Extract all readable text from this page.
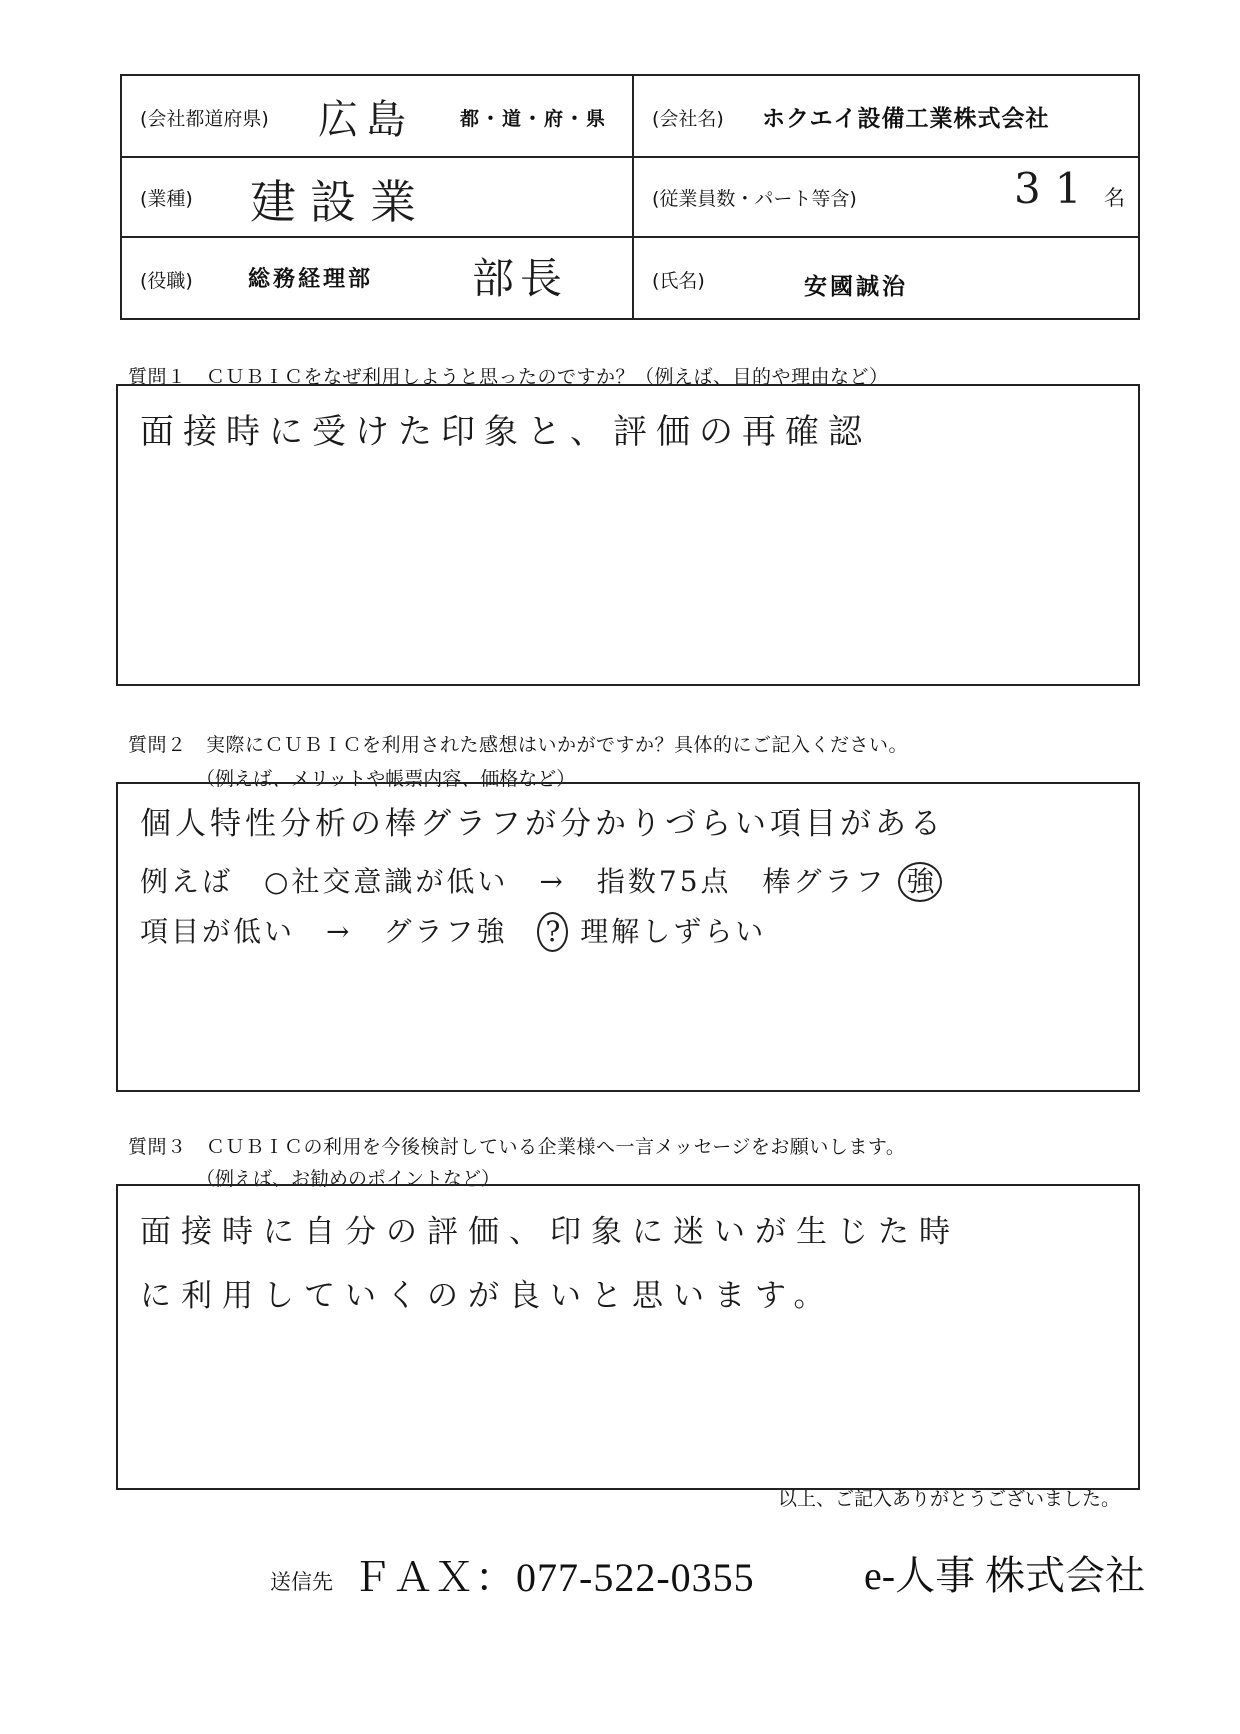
(会社都道府県) 広島 都・道・府・県 (会社名) ホクエイ設備工業株式会社
(業種) 建設業	(従業員数・パート等含)	31 名
(役職)	総務経理部 部長	(氏名)	安國誠治
質問１　ＣＵＢＩＣをなぜ利用しようと思ったのですか？（例えば、目的や理由など）
面接時に受けた印象と、評価の再確認
質問２　実際にＣＵＢＩＣを利用された感想はいかがですか？具体的にご記入ください。
（例えば、メリットや帳票内容、価格など）
個人特性分析の棒グラフが分かりづらい項目がある
例えば　○社交意識が低い　→　指数75点　棒グラフ 強
項目が低い　→　グラフ強 ? 理解しずらい
質問３　ＣＵＢＩＣの利用を今後検討している企業様へ一言メッセージをお願いします。
（例えば、お勧めのポイントなど）
面接時に自分の評価、印象に迷いが生じた時
に利用していくのが良いと思います。
以上、ご記入ありがとうございました。
送信先 ＦＡＸ：077-522-0355	e-人事 株式会社
